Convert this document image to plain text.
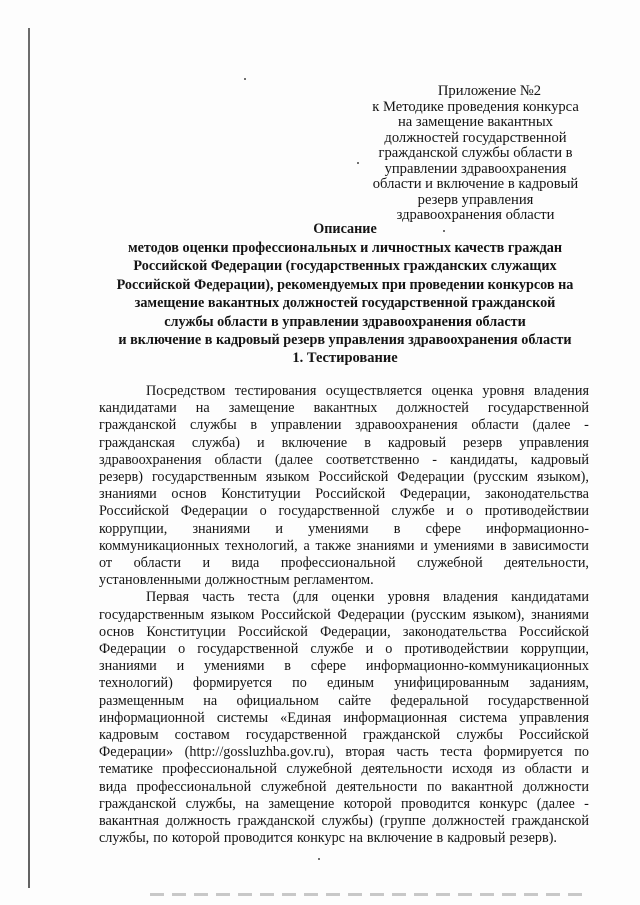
Приложение №2
к Методике проведения конкурса
на замещение вакантных
должностей государственной
гражданской службы области в
управлении здравоохранения
области и включение в кадровый
резерв управления
здравоохранения области
Описание
методов оценки профессиональных и личностных качеств граждан
Российской Федерации (государственных гражданских служащих
Российской Федерации), рекомендуемых при проведении конкурсов на
замещение вакантных должностей государственной гражданской
службы области в управлении здравоохранения области
и включение в кадровый резерв управления здравоохранения области
1. Тестирование
Посредством тестирования осуществляется оценка уровня владения
кандидатами на замещение вакантных должностей государственной
гражданской службы в управлении здравоохранения области (далее -
гражданская служба) и включение в кадровый резерв управления
здравоохранения области (далее соответственно - кандидаты, кадровый
резерв) государственным языком Российской Федерации (русским языком),
знаниями основ Конституции Российской Федерации, законодательства
Российской Федерации о государственной службе и о противодействии
коррупции, знаниями и умениями в сфере информационно-
коммуникационных технологий, а также знаниями и умениями в зависимости
от области и вида профессиональной служебной деятельности,
установленными должностным регламентом.
Первая часть теста (для оценки уровня владения кандидатами
государственным языком Российской Федерации (русским языком), знаниями
основ Конституции Российской Федерации, законодательства Российской
Федерации о государственной службе и о противодействии коррупции,
знаниями и умениями в сфере информационно-коммуникационных
технологий) формируется по единым унифицированным заданиям,
размещенным на официальном сайте федеральной государственной
информационной системы «Единая информационная система управления
кадровым составом государственной гражданской службы Российской
Федерации» (http://gossluzhba.gov.ru), вторая часть теста формируется по
тематике профессиональной служебной деятельности исходя из области и
вида профессиональной служебной деятельности по вакантной должности
гражданской службы, на замещение которой проводится конкурс (далее -
вакантная должность гражданской службы) (группе должностей гражданской
службы, по которой проводится конкурс на включение в кадровый резерв).
